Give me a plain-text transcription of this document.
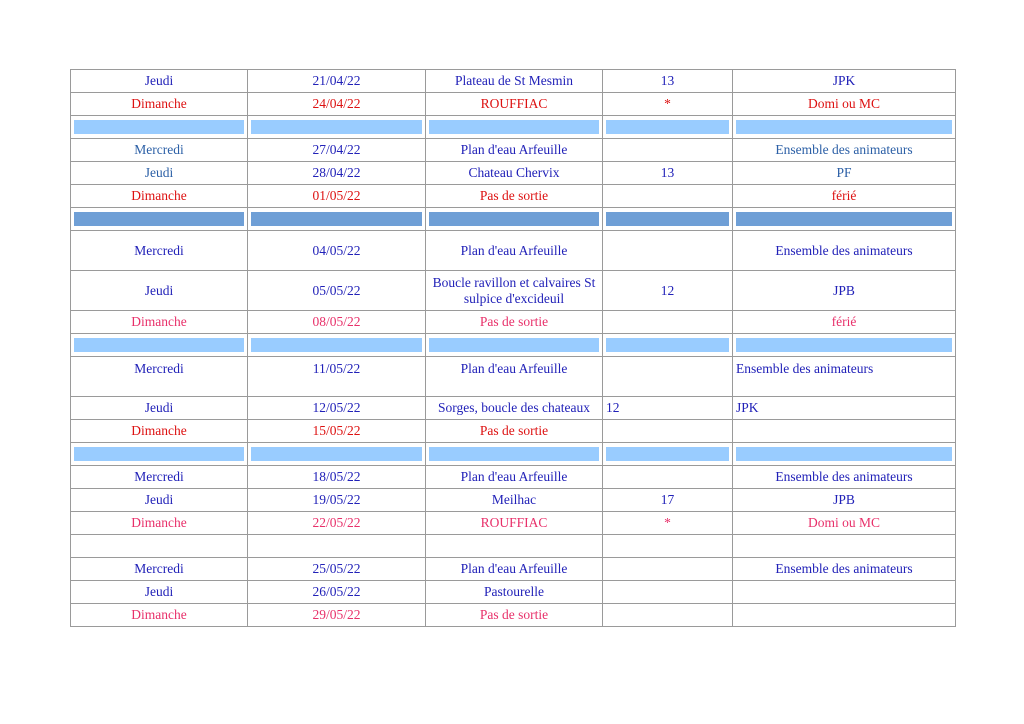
Jeudi	21/04/22	Plateau de St Mesmin	13	JPK
Dimanche	24/04/22	ROUFFIAC	*	Domi ou MC

Mercredi	27/04/22	Plan d'eau Arfeuille		Ensemble des animateurs
Jeudi	28/04/22	Chateau Chervix	13	PF
Dimanche	01/05/22	Pas de sortie		férié

Mercredi	04/05/22	Plan d'eau Arfeuille		Ensemble des animateurs
Jeudi	05/05/22	Boucle ravillon et calvaires St sulpice d'excideuil	12	JPB
Dimanche	08/05/22	Pas de sortie		férié

Mercredi	11/05/22	Plan d'eau Arfeuille		Ensemble des animateurs
Jeudi	12/05/22	Sorges, boucle des chateaux	12	JPK
Dimanche	15/05/22	Pas de sortie		

Mercredi	18/05/22	Plan d'eau Arfeuille		Ensemble des animateurs
Jeudi	19/05/22	Meilhac	17	JPB
Dimanche	22/05/22	ROUFFIAC	*	Domi ou MC

Mercredi	25/05/22	Plan d'eau Arfeuille		Ensemble des animateurs
Jeudi	26/05/22	Pastourelle		
Dimanche	29/05/22	Pas de sortie		
